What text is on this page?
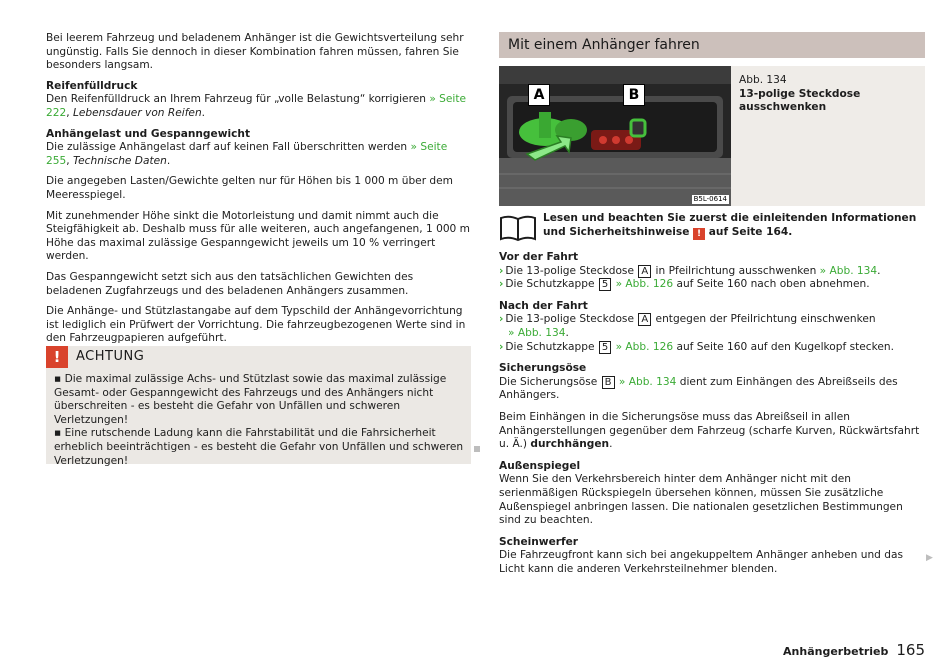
Bei leerem Fahrzeug und beladenem Anhänger ist die Gewichtsverteilung sehr ungünstig. Falls Sie dennoch in dieser Kombination fahren müssen, fahren Sie besonders langsam.

Reifenfülldruck

Den Reifenfülldruck an Ihrem Fahrzeug für „volle Belastung“ korrigieren » Seite 222, Lebensdauer von Reifen.

Anhängelast und Gespanngewicht

Die zulässige Anhängelast darf auf keinen Fall überschritten werden » Seite 255, Technische Daten.

Die angegeben Lasten/Gewichte gelten nur für Höhen bis 1 000 m über dem Meeresspiegel.

Mit zunehmender Höhe sinkt die Motorleistung und damit nimmt auch die Steigfähigkeit ab. Deshalb muss für alle weiteren, auch angefangenen, 1 000 m Höhe das maximal zulässige Gespanngewicht jeweils um 10 % verringert werden.

Das Gespanngewicht setzt sich aus den tatsächlichen Gewichten des beladenen Zugfahrzeugs und des beladenen Anhängers zusammen.

Die Anhänge- und Stützlastangabe auf dem Typschild der Anhängevorrichtung ist lediglich ein Prüfwert der Vorrichtung. Die fahrzeugbezogenen Werte sind in den Fahrzeugpapieren aufgeführt.

!	ACHTUNG

▪ Die maximal zulässige Achs- und Stützlast sowie das maximal zulässige Gesamt- oder Gespanngewicht des Fahrzeugs und des Anhängers nicht überschreiten - es besteht die Gefahr von Unfällen und schweren Verletzungen!
▪ Eine rutschende Ladung kann die Fahrstabilität und die Fahrsicherheit erheblich beeinträchtigen - es besteht die Gefahr von Unfällen und schweren Verletzungen!

Mit einem Anhänger fahren
A	B
B5L-0614

Abb. 134

13-polige Steckdose ausschwenken

Lesen und beachten Sie zuerst die einleitenden Informationen und Sicherheitshinweise ! auf Seite 164.

Vor der Fahrt

› Die 13-polige Steckdose A in Pfeilrichtung ausschwenken » Abb. 134.

› Die Schutzkappe 5 » Abb. 126 auf Seite 160 nach oben abnehmen.

Nach der Fahrt

› Die 13-polige Steckdose A entgegen der Pfeilrichtung einschwenken
» Abb. 134.

› Die Schutzkappe 5 » Abb. 126 auf Seite 160 auf den Kugelkopf stecken.

Sicherungsöse

Die Sicherungsöse B » Abb. 134 dient zum Einhängen des Abreißseils des Anhängers.

Beim Einhängen in die Sicherungsöse muss das Abreißseil in allen Anhängerstellungen gegenüber dem Fahrzeug (scharfe Kurven, Rückwärtsfahrt u. Ä.) durchhängen.

Außenspiegel

Wenn Sie den Verkehrsbereich hinter dem Anhänger nicht mit den serienmäßigen Rückspiegeln übersehen können, müssen Sie zusätzliche Außenspiegel anbringen lassen. Die nationalen gesetzlichen Bestimmungen sind zu beachten.

Scheinwerfer

Die Fahrzeugfront kann sich bei angekuppeltem Anhänger anheben und das Licht kann die anderen Verkehrsteilnehmer blenden.

▶
Anhängerbetrieb 165
